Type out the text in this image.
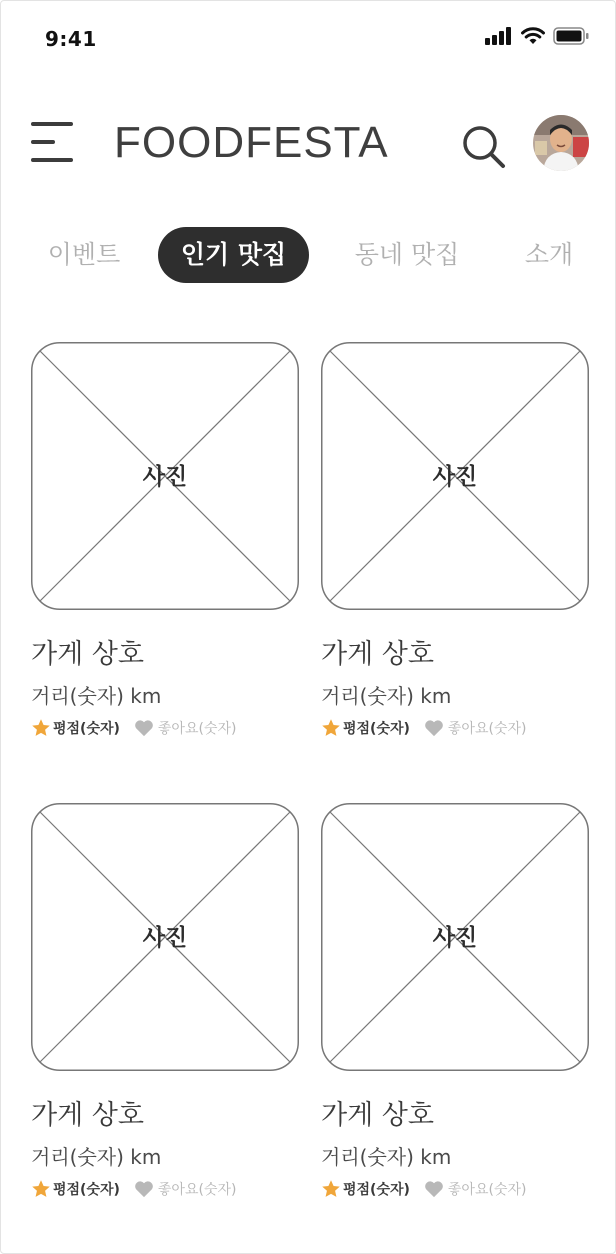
9:41
FOODFESTA
이벤트	인기 맛집	동네 맛집	소개
사진
가게 상호
거리(숫자) km
평점(숫자)	좋아요(숫자)
사진
가게 상호
거리(숫자) km
평점(숫자)	좋아요(숫자)
사진
가게 상호
거리(숫자) km
평점(숫자)	좋아요(숫자)
사진
가게 상호
거리(숫자) km
평점(숫자)	좋아요(숫자)
